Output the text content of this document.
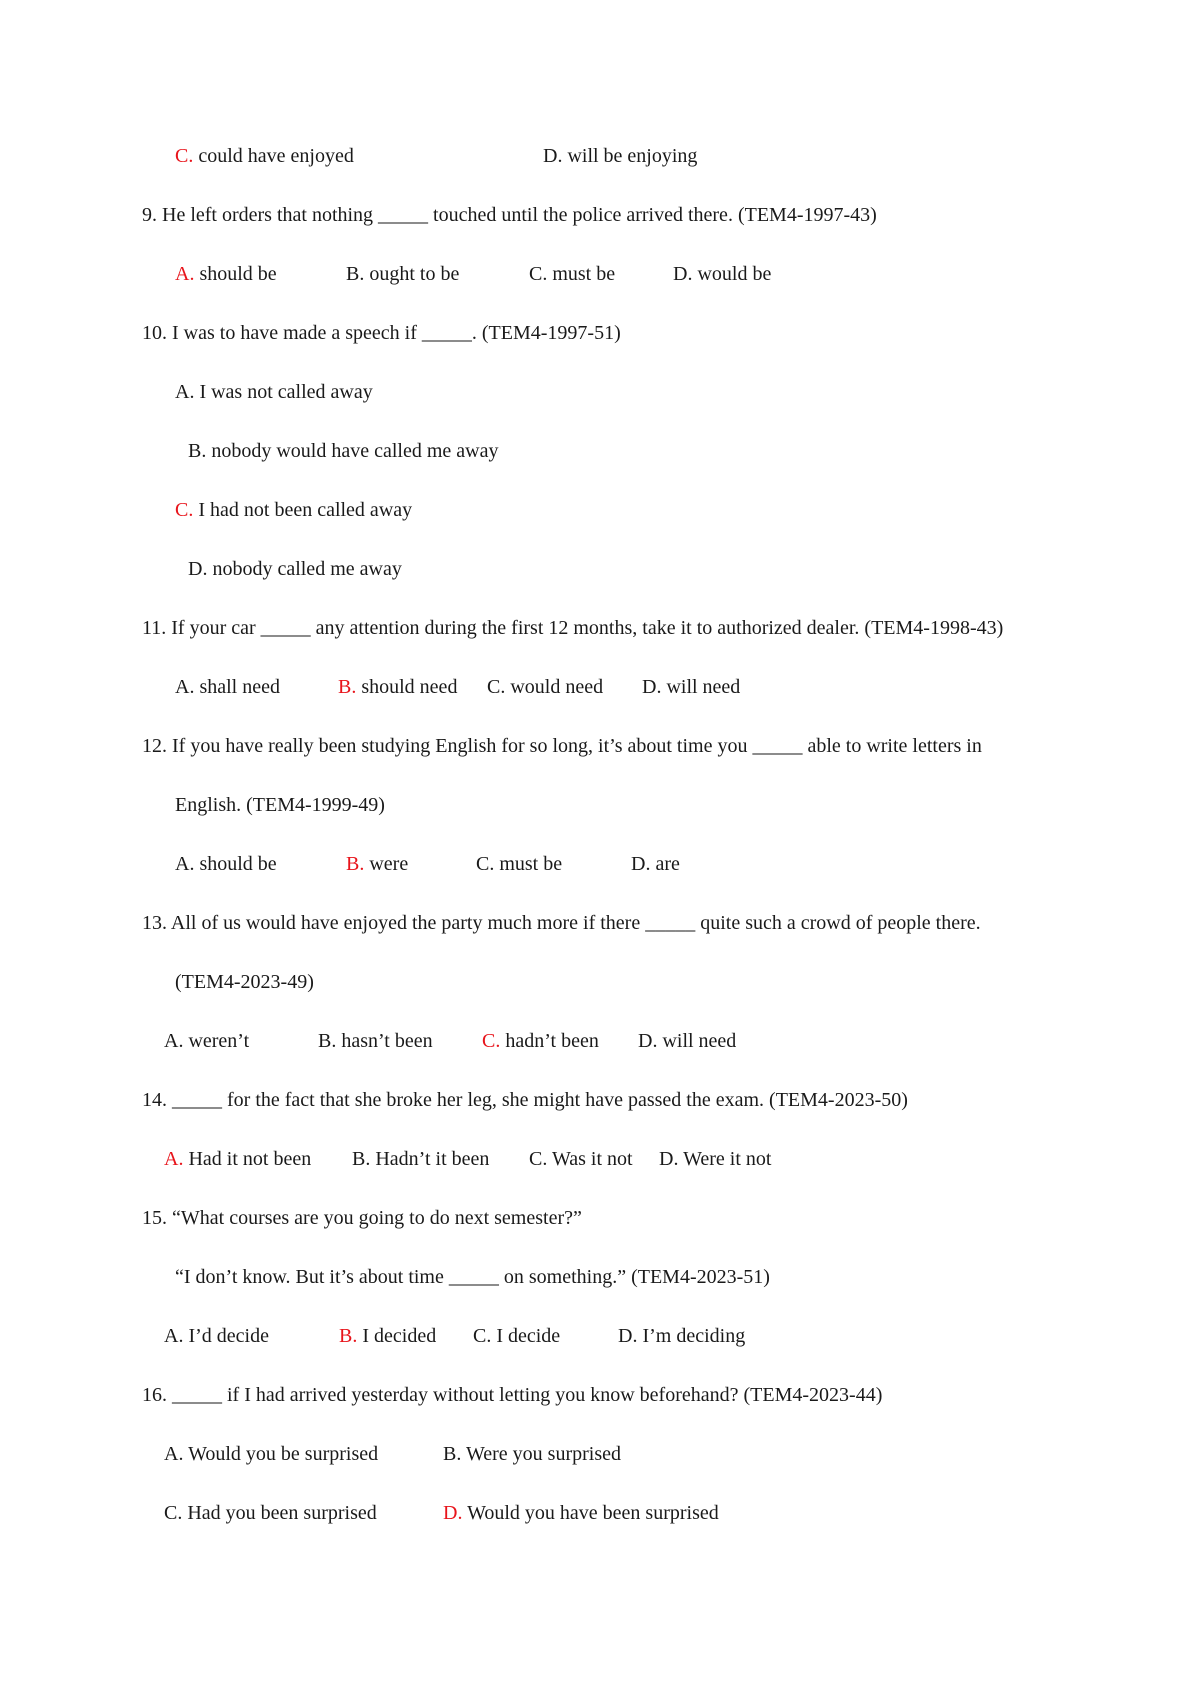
C. could have enjoyed	D. will be enjoying
9. He left orders that nothing _____ touched until the police arrived there. (TEM4-1997-43)
A. should be	B. ought to be	C. must be	D. would be
10. I was to have made a speech if _____. (TEM4-1997-51)
A. I was not called away
B. nobody would have called me away
C. I had not been called away
D. nobody called me away
11. If your car _____ any attention during the first 12 months, take it to authorized dealer. (TEM4-1998-43)
A. shall need	B. should need C. would need D. will need
12. If you have really been studying English for so long, it’s about time you _____ able to write letters in
English. (TEM4-1999-49)
A. should be	B. were	C. must be	D. are
13. All of us would have enjoyed the party much more if there _____ quite such a crowd of people there.
(TEM4-2023-49)
A. weren’t	B. hasn’t been C. hadn’t been D. will need
14. _____ for the fact that she broke her leg, she might have passed the exam. (TEM4-2023-50)
A. Had it not been B. Hadn’t it been C. Was it not D. Were it not
15. “What courses are you going to do next semester?”
“I don’t know. But it’s about time _____ on something.” (TEM4-2023-51)
A. I’d decide	B. I decided C. I decide	D. I’m deciding
16. _____ if I had arrived yesterday without letting you know beforehand? (TEM4-2023-44)
A. Would you be surprised	B. Were you surprised
C. Had you been surprised	D. Would you have been surprised
